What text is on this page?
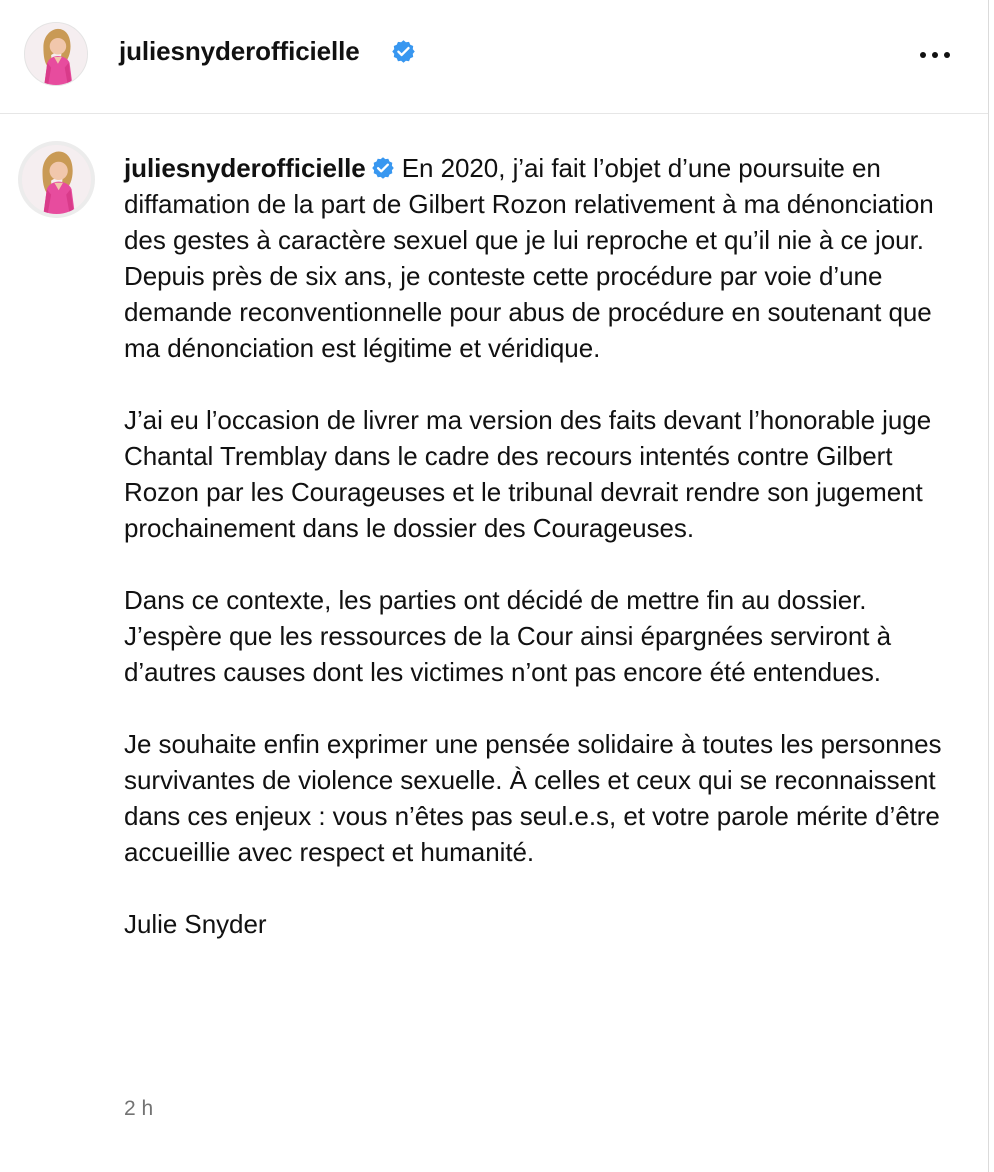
juliesnyderofficielle

juliesnyderofficielle En 2020, j’ai fait l’objet d’une poursuite en diffamation de la part de Gilbert Rozon relativement à ma dénonciation des gestes à caractère sexuel que je lui reproche et qu’il nie à ce jour. Depuis près de six ans, je conteste cette procédure par voie d’une demande reconventionnelle pour abus de procédure en soutenant que ma dénonciation est légitime et véridique.

J’ai eu l’occasion de livrer ma version des faits devant l’honorable juge Chantal Tremblay dans le cadre des recours intentés contre Gilbert Rozon par les Courageuses et le tribunal devrait rendre son jugement prochainement dans le dossier des Courageuses.

Dans ce contexte, les parties ont décidé de mettre fin au dossier. J’espère que les ressources de la Cour ainsi épargnées serviront à d’autres causes dont les victimes n’ont pas encore été entendues.

Je souhaite enfin exprimer une pensée solidaire à toutes les personnes survivantes de violence sexuelle. À celles et ceux qui se reconnaissent dans ces enjeux : vous n’êtes pas seul.e.s, et votre parole mérite d’être accueillie avec respect et humanité.

Julie Snyder

2 h
